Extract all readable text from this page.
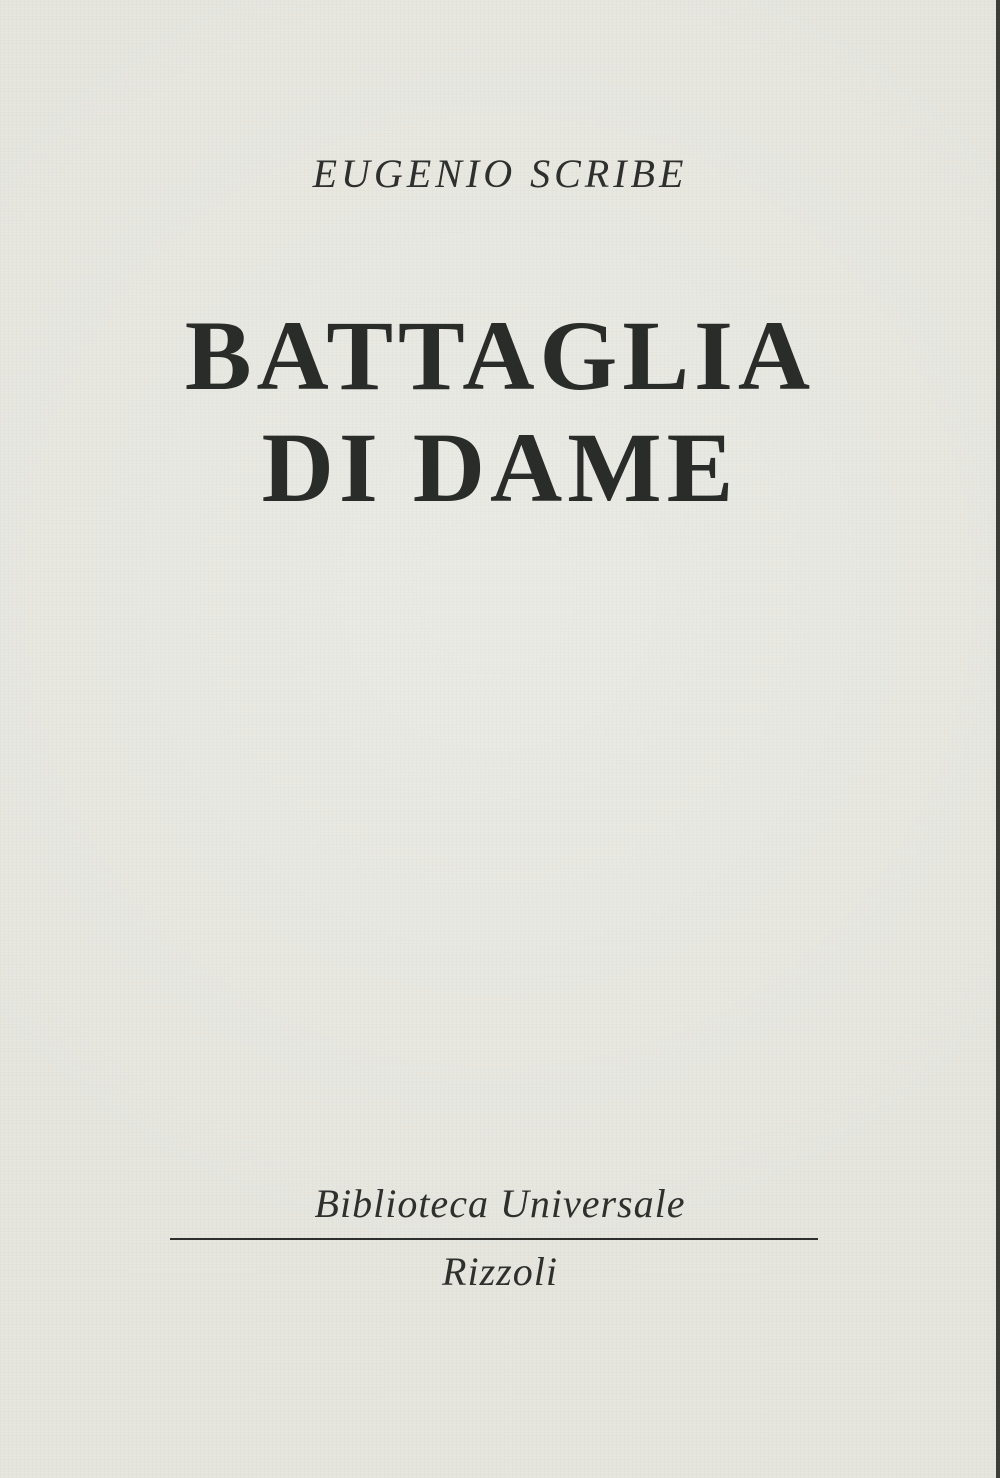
EUGENIO SCRIBE
BATTAGLIA
DI DAME
Biblioteca Universale
Rizzoli
